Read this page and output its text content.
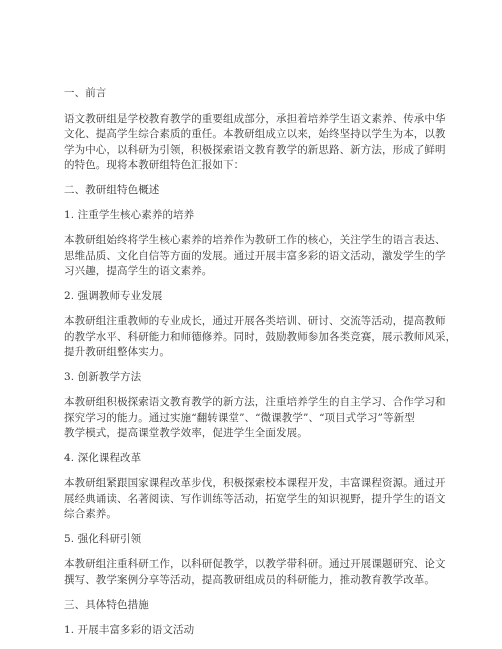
一、前言

语文教研组是学校教育教学的重要组成部分，承担着培养学生语文素养、传承中华

文化、提高学生综合素质的重任。本教研组成立以来，始终坚持以学生为本，以教

学为中心，以科研为引领，积极探索语文教育教学的新思路、新方法，形成了鲜明

的特色。现将本教研组特色汇报如下：

二、教研组特色概述

1. 注重学生核心素养的培养

本教研组始终将学生核心素养的培养作为教研工作的核心，关注学生的语言表达、

思维品质、文化自信等方面的发展。通过开展丰富多彩的语文活动，激发学生的学

习兴趣，提高学生的语文素养。

2. 强调教师专业发展

本教研组注重教师的专业成长，通过开展各类培训、研讨、交流等活动，提高教师

的教学水平、科研能力和师德修养。同时，鼓励教师参加各类竞赛，展示教师风采，

提升教研组整体实力。

3. 创新教学方法

本教研组积极探索语文教育教学的新方法，注重培养学生的自主学习、合作学习和

探究学习的能力。通过实施“翻转课堂”、“微课教学”、“项目式学习”等新型

教学模式，提高课堂教学效率，促进学生全面发展。

4. 深化课程改革

本教研组紧跟国家课程改革步伐，积极探索校本课程开发，丰富课程资源。通过开

展经典诵读、名著阅读、写作训练等活动，拓宽学生的知识视野，提升学生的语文

综合素养。

5. 强化科研引领

本教研组注重科研工作，以科研促教学，以教学带科研。通过开展课题研究、论文

撰写、教学案例分享等活动，提高教研组成员的科研能力，推动教育教学改革。

三、具体特色措施

1. 开展丰富多彩的语文活动
